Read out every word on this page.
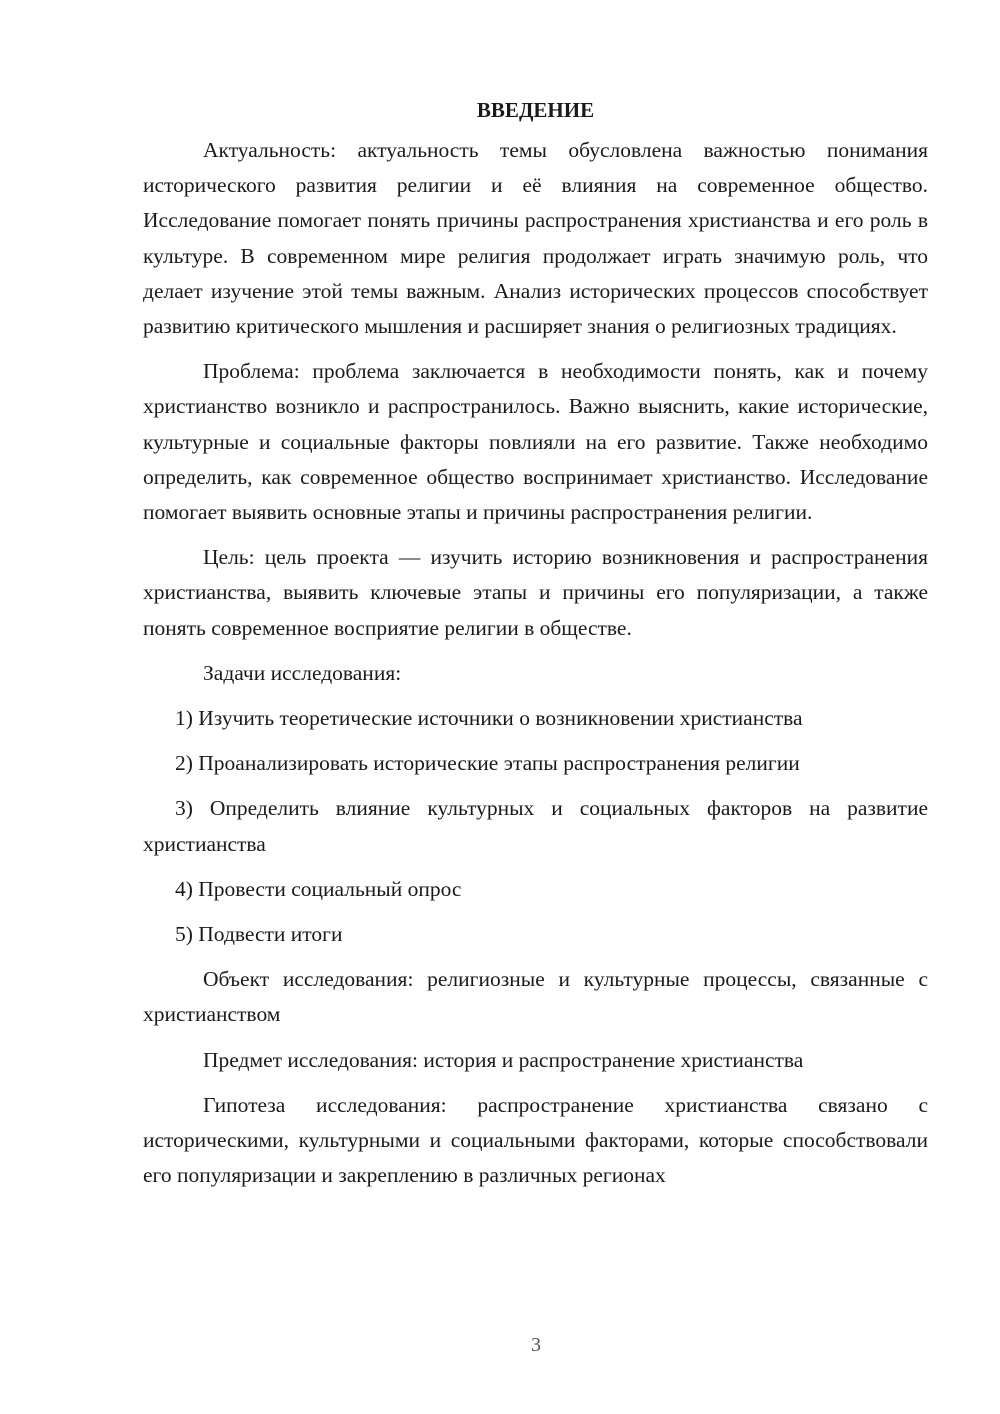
ВВЕДЕНИЕ

Актуальность: актуальность темы обусловлена важностью понимания исторического развития религии и её влияния на современное общество. Исследование помогает понять причины распространения христианства и его роль в культуре. В современном мире религия продолжает играть значимую роль, что делает изучение этой темы важным. Анализ исторических процессов способствует развитию критического мышления и расширяет знания о религиозных традициях.

Проблема: проблема заключается в необходимости понять, как и почему христианство возникло и распространилось. Важно выяснить, какие исторические, культурные и социальные факторы повлияли на его развитие. Также необходимо определить, как современное общество воспринимает христианство. Исследование помогает выявить основные этапы и причины распространения религии.

Цель: цель проекта — изучить историю возникновения и распространения христианства, выявить ключевые этапы и причины его популяризации, а также понять современное восприятие религии в обществе.

Задачи исследования:

1) Изучить теоретические источники о возникновении христианства

2) Проанализировать исторические этапы распространения религии

3) Определить влияние культурных и социальных факторов на развитие христианства

4) Провести социальный опрос

5) Подвести итоги

Объект исследования: религиозные и культурные процессы, связанные с христианством

Предмет исследования: история и распространение христианства

Гипотеза исследования: распространение христианства связано с историческими, культурными и социальными факторами, которые способствовали его популяризации и закреплению в различных регионах

3
